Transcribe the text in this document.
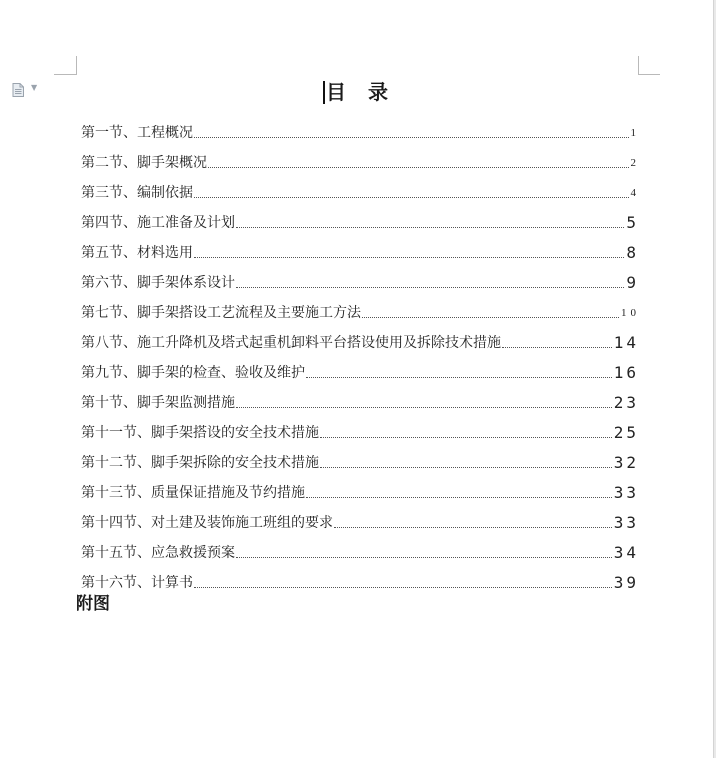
▼	目 录
第一节、工程概况	1
第二节、脚手架概况	2
第三节、编制依据	4
第四节、施工准备及计划	5
第五节、材料选用	8
第六节、脚手架体系设计	9
第七节、脚手架搭设工艺流程及主要施工方法	10
第八节、施工升降机及塔式起重机卸料平台搭设使用及拆除技术措施	14
第九节、脚手架的检查、验收及维护	16
第十节、脚手架监测措施	23
第十一节、脚手架搭设的安全技术措施	25
第十二节、脚手架拆除的安全技术措施	32
第十三节、质量保证措施及节约措施	33
第十四节、对土建及装饰施工班组的要求	33
第十五节、应急救援预案	34
第十六节、计算书	39
附图
